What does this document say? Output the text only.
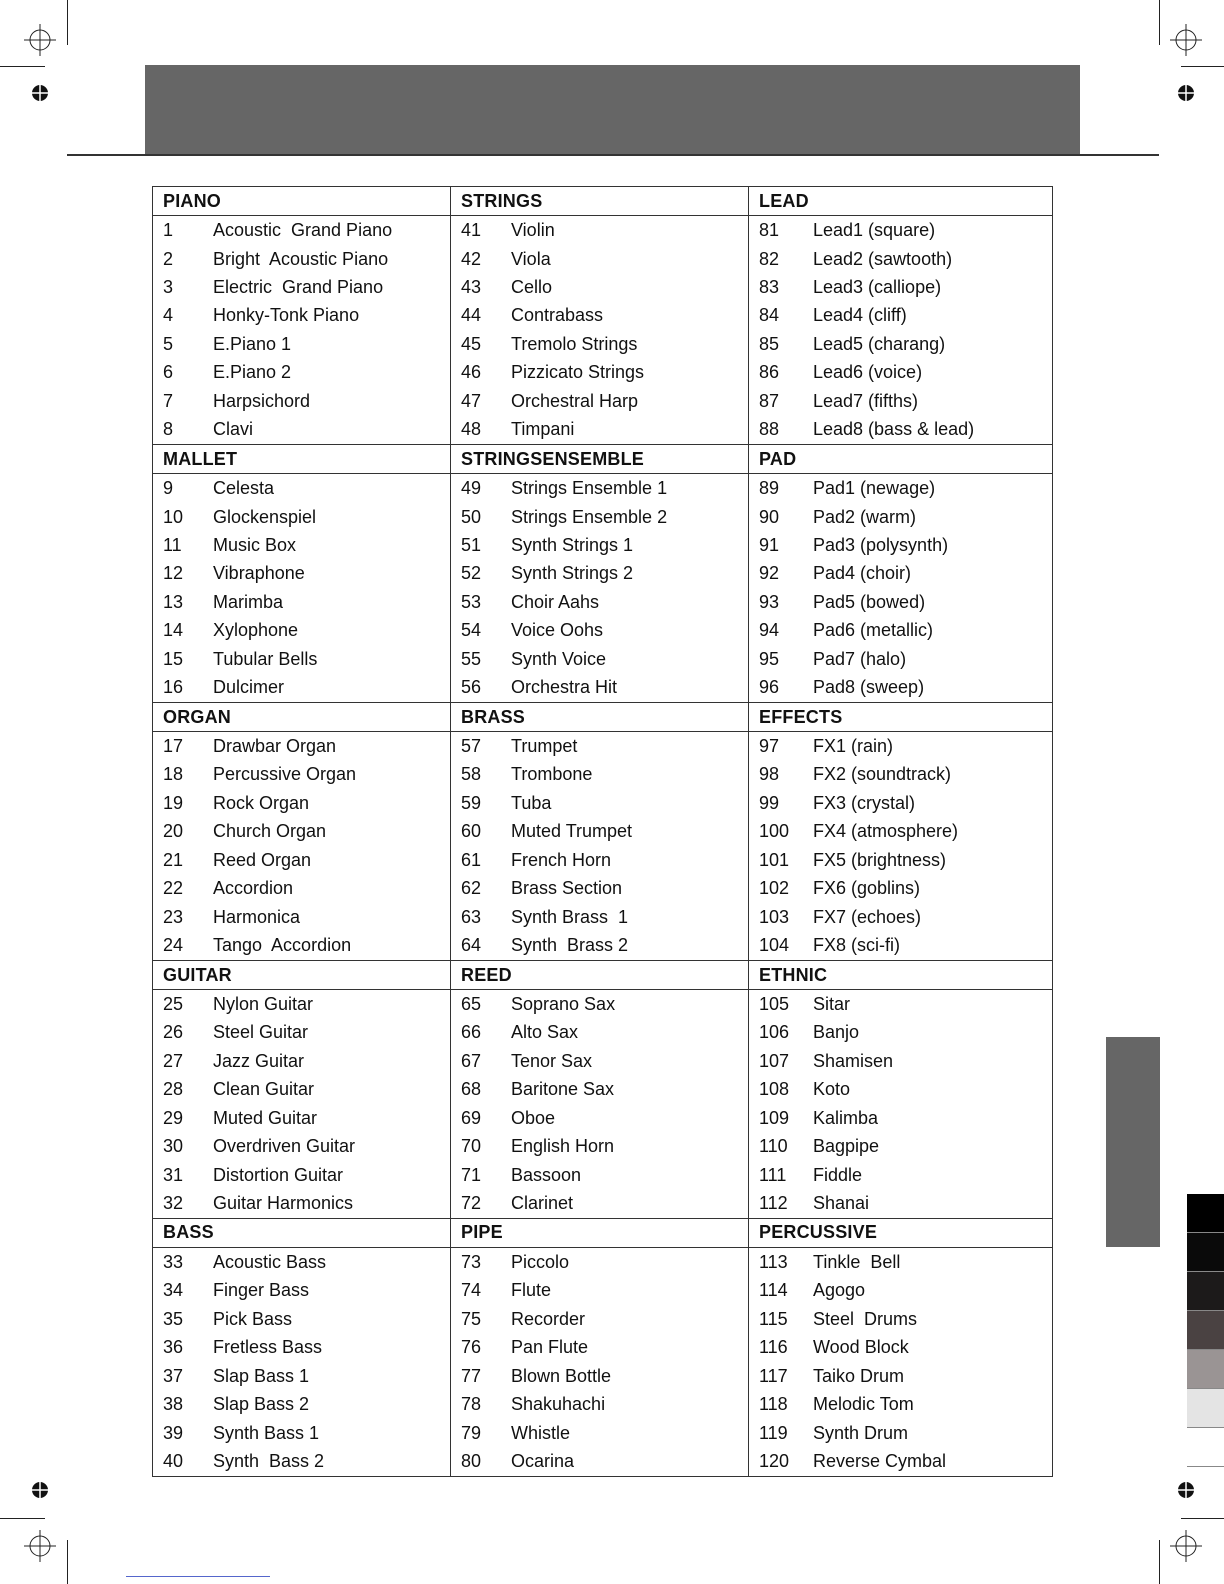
PIANO	STRINGS	LEAD
1 Acoustic  Grand Piano	41 Violin	81 Lead1 (square)
2 Bright  Acoustic Piano	42 Viola	82 Lead2 (sawtooth)
3 Electric  Grand Piano	43 Cello	83 Lead3 (calliope)
4 Honky-Tonk Piano	44 Contrabass	84 Lead4 (cliff)
5 E.Piano 1	45 Tremolo Strings	85 Lead5 (charang)
6 E.Piano 2	46 Pizzicato Strings	86 Lead6 (voice)
7 Harpsichord	47 Orchestral Harp	87 Lead7 (fifths)
8 Clavi	48 Timpani	88 Lead8 (bass & lead)
MALLET	STRINGSENSEMBLE	PAD
9 Celesta	49 Strings Ensemble 1	89 Pad1 (newage)
10 Glockenspiel	50 Strings Ensemble 2	90 Pad2 (warm)
11 Music Box	51 Synth Strings 1	91 Pad3 (polysynth)
12 Vibraphone	52 Synth Strings 2	92 Pad4 (choir)
13 Marimba	53 Choir Aahs	93 Pad5 (bowed)
14 Xylophone	54 Voice Oohs	94 Pad6 (metallic)
15 Tubular Bells	55 Synth Voice	95 Pad7 (halo)
16 Dulcimer	56 Orchestra Hit	96 Pad8 (sweep)
ORGAN	BRASS	EFFECTS
17 Drawbar Organ	57 Trumpet	97 FX1 (rain)
18 Percussive Organ	58 Trombone	98 FX2 (soundtrack)
19 Rock Organ	59 Tuba	99 FX3 (crystal)
20 Church Organ	60 Muted Trumpet	100 FX4 (atmosphere)
21 Reed Organ	61 French Horn	101 FX5 (brightness)
22 Accordion	62 Brass Section	102 FX6 (goblins)
23 Harmonica	63 Synth Brass  1	103 FX7 (echoes)
24 Tango  Accordion	64 Synth  Brass 2	104 FX8 (sci-fi)
GUITAR	REED	ETHNIC
25 Nylon Guitar	65 Soprano Sax	105 Sitar
26 Steel Guitar	66 Alto Sax	106 Banjo
27 Jazz Guitar	67 Tenor Sax	107 Shamisen
28 Clean Guitar	68 Baritone Sax	108 Koto
29 Muted Guitar	69 Oboe	109 Kalimba
30 Overdriven Guitar	70 English Horn	110 Bagpipe
31 Distortion Guitar	71 Bassoon	111 Fiddle
32 Guitar Harmonics	72 Clarinet	112 Shanai
BASS	PIPE	PERCUSSIVE
33 Acoustic Bass	73 Piccolo	113 Tinkle  Bell
34 Finger Bass	74 Flute	114 Agogo
35 Pick Bass	75 Recorder	115 Steel  Drums
36 Fretless Bass	76 Pan Flute	116 Wood Block
37 Slap Bass 1	77 Blown Bottle	117 Taiko Drum
38 Slap Bass 2	78 Shakuhachi	118 Melodic Tom
39 Synth Bass 1	79 Whistle	119 Synth Drum
40 Synth  Bass 2	80 Ocarina	120 Reverse Cymbal
